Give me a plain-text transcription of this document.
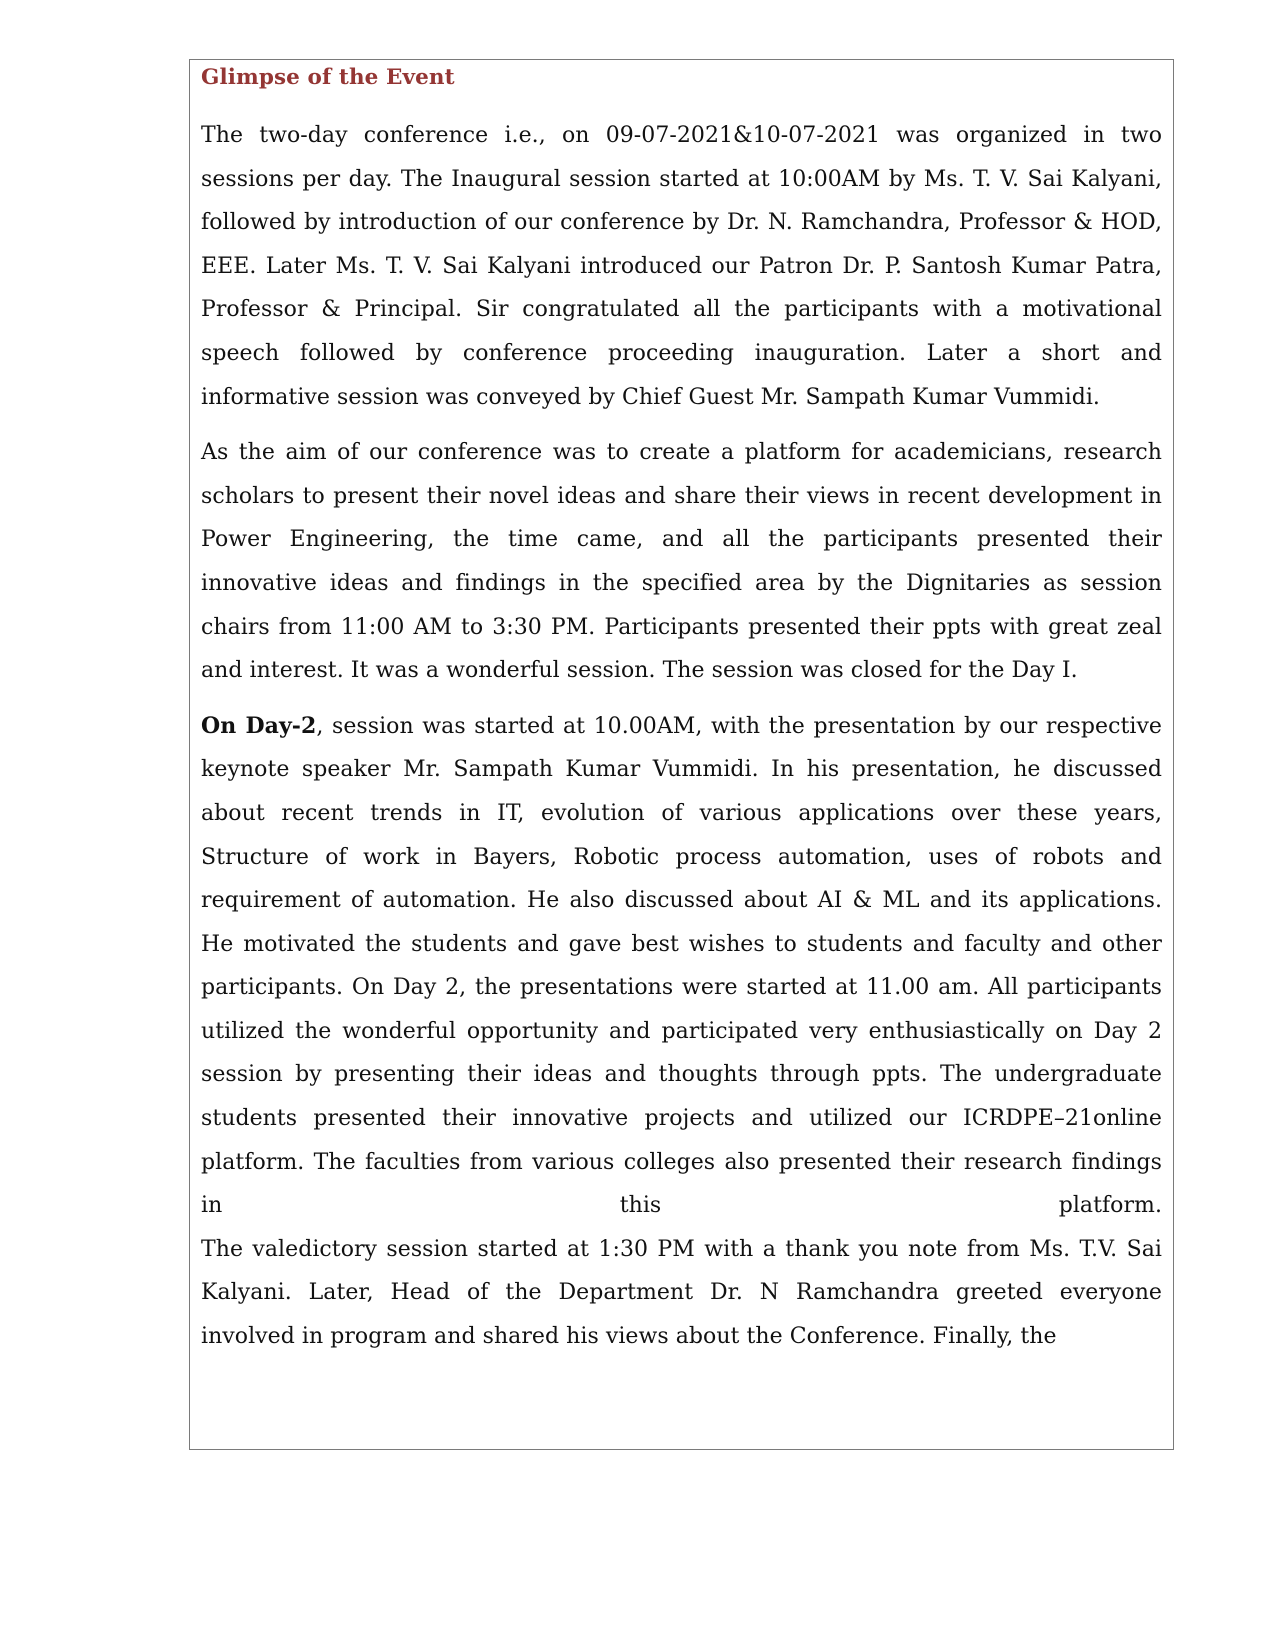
Glimpse of the Event

The two-day conference i.e., on 09-07-2021&10-07-2021 was organized in two sessions per day. The Inaugural session started at 10:00AM by Ms. T. V. Sai Kalyani, followed by introduction of our conference by Dr. N. Ramchandra, Professor & HOD, EEE. Later Ms. T. V. Sai Kalyani introduced our Patron Dr. P. Santosh Kumar Patra, Professor & Principal. Sir congratulated all the participants with a motivational speech followed by conference proceeding inauguration. Later a short and informative session was conveyed by Chief Guest Mr. Sampath Kumar Vummidi.

As the aim of our conference was to create a platform for academicians, research scholars to present their novel ideas and share their views in recent development in Power Engineering, the time came, and all the participants presented their innovative ideas and findings in the specified area by the Dignitaries as session chairs from 11:00 AM to 3:30 PM. Participants presented their ppts with great zeal and interest. It was a wonderful session. The session was closed for the Day I.

On Day-2, session was started at 10.00AM, with the presentation by our respective keynote speaker Mr. Sampath Kumar Vummidi. In his presentation, he discussed about recent trends in IT, evolution of various applications over these years, Structure of work in Bayers, Robotic process automation, uses of robots and requirement of automation. He also discussed about AI & ML and its applications. He motivated the students and gave best wishes to students and faculty and other participants. On Day 2, the presentations were started at 11.00 am. All participants utilized the wonderful opportunity and participated very enthusiastically on Day 2 session by presenting their ideas and thoughts through ppts. The undergraduate students presented their innovative projects and utilized our ICRDPE–21online platform. The faculties from various colleges also presented their research findings in this platform.
The valedictory session started at 1:30 PM with a thank you note from Ms. T.V. Sai Kalyani. Later, Head of the Department Dr. N Ramchandra greeted everyone involved in program and shared his views about the Conference. Finally, the
